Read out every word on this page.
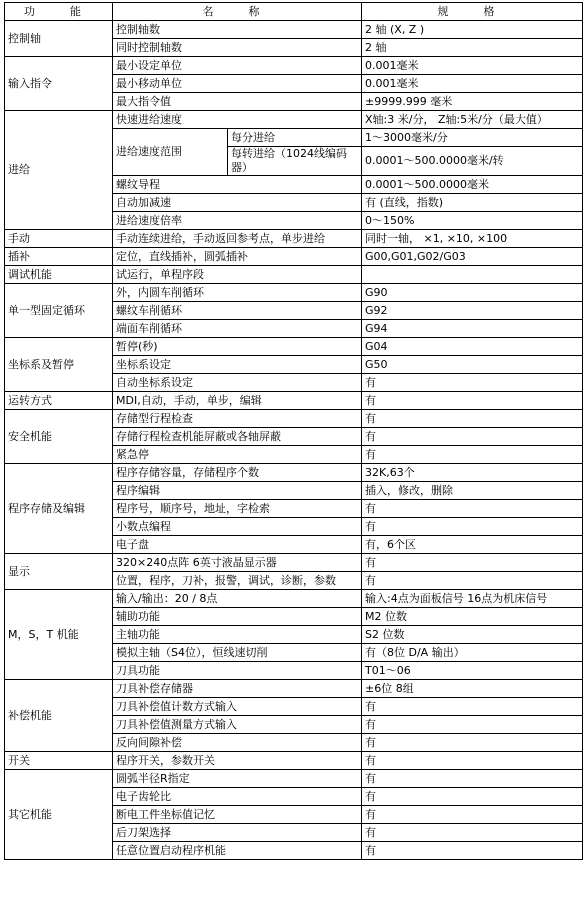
功　能	名　称		规　格
控制轴	控制轴数		2 轴 (X, Z )
	同时控制轴数		2 轴
输入指令	最小设定单位		0.001毫米
	最小移动单位		0.001毫米
	最大指令值		±9999.999 毫米
进给	快速进给速度		X轴:3 米/分， Z轴:5米/分（最大值）
	进给速度范围	每分进给	1～3000毫米/分
		每转进给（1024线编码器）	0.0001～500.0000毫米/转
	螺纹导程		0.0001～500.0000毫米
	自动加减速		有 (直线，指数)
	进给速度倍率		0～150%
手动	手动连续进给，手动返回参考点，单步进给		同时一轴， ×1, ×10, ×100
插补	定位，直线插补，圆弧插补		G00,G01,G02/G03
调试机能	试运行，单程序段		
单一型固定循环	外，内圆车削循环		G90
	螺纹车削循环		G92
	端面车削循环		G94
坐标系及暂停	暂停(秒)		G04
	坐标系设定		G50
	自动坐标系设定		有
运转方式	MDI,自动，手动，单步，编辑		有
安全机能	存储型行程检查		有
	存储行程检查机能屏蔽或各轴屏蔽		有
	紧急停		有
程序存储及编辑	程序存储容量，存储程序个数		32K,63个
	程序编辑		插入，修改，删除
	程序号，顺序号，地址，字检索		有
	小数点编程		有
	电子盘		有，6个区
显示	320×240点阵 6英寸液晶显示器		有
	位置，程序，刀补，报警，调试，诊断，参数		有
M，S，T 机能	输入/输出：20 / 8点		输入:4点为面板信号 16点为机床信号
	辅助功能		M2 位数
	主轴功能		S2 位数
	模拟主轴（S4位），恒线速切削		有（8位 D/A 输出）
	刀具功能		T01～06
补偿机能	刀具补偿存储器		±6位 8组
	刀具补偿值计数方式输入		有
	刀具补偿值测量方式输入		有
	反向间隙补偿		有
开关	程序开关，参数开关		有
其它机能	圆弧半径R指定		有
	电子齿轮比		有
	断电工件坐标值记忆		有
	后刀架选择		有
	任意位置启动程序机能		有
